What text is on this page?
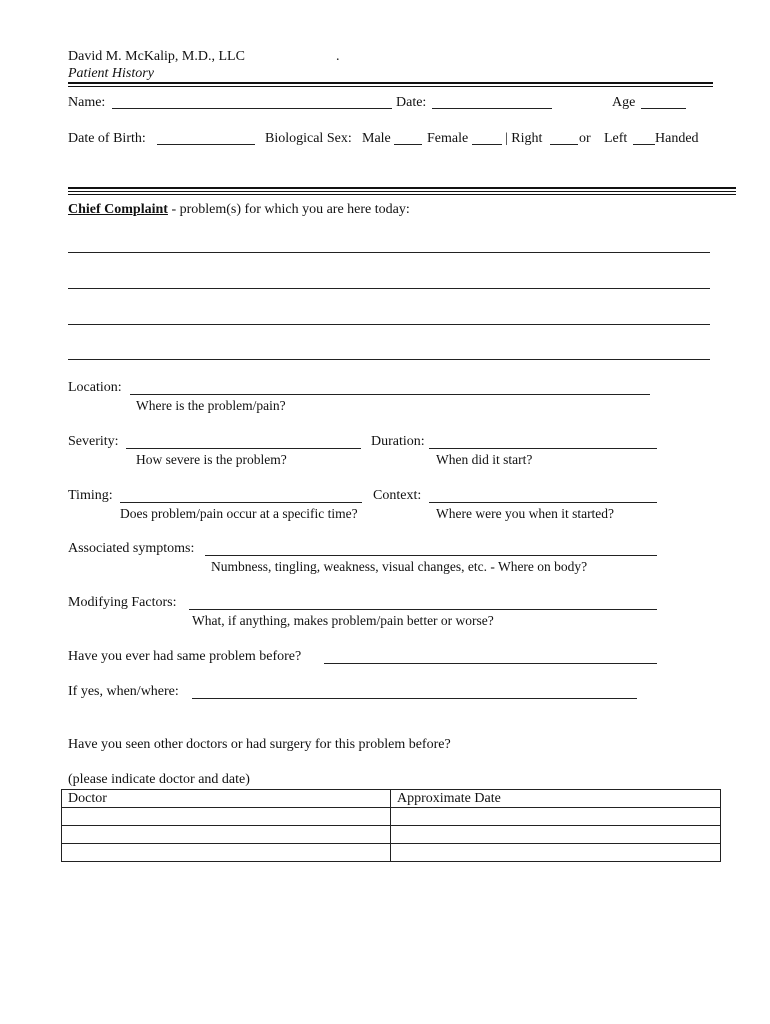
David M. McKalip, M.D., LLC	.
Patient History
Name:	Date:	Age
Date of Birth:	Biological Sex: Male	Female	| Right	or Left Handed
Chief Complaint - problem(s) for which you are here today:
Location:
Where is the problem/pain?
Severity:
How severe is the problem?
Duration:
When did it start?
Timing:
Does problem/pain occur at a specific time?
Context:
Where were you when it started?
Associated symptoms:
Numbness, tingling, weakness, visual changes, etc. - Where on body?
Modifying Factors:
What, if anything, makes problem/pain better or worse?
Have you ever had same problem before?
If yes, when/where:
Have you seen other doctors or had surgery for this problem before?
(please indicate doctor and date)
Doctor	Approximate Date
